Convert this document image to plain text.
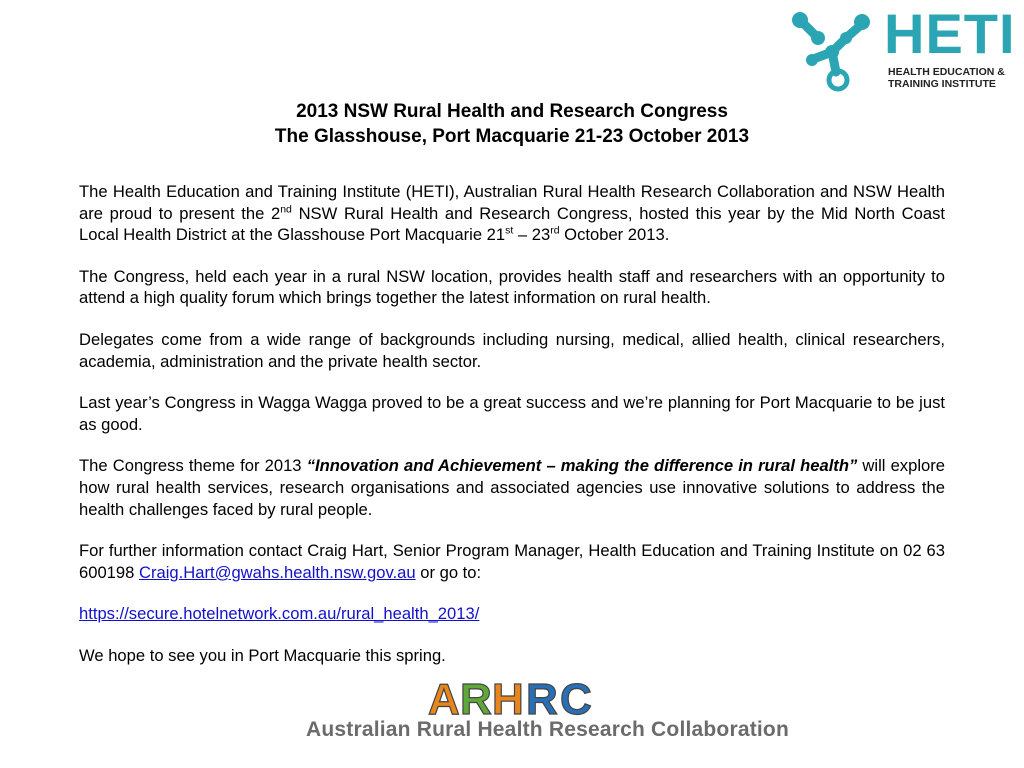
HETI
HEALTH EDUCATION &
TRAINING INSTITUTE
2013 NSW Rural Health and Research Congress
The Glasshouse, Port Macquarie 21-23 October 2013

The Health Education and Training Institute (HETI), Australian Rural Health Research Collaboration and NSW Health are proud to present the 2nd NSW Rural Health and Research Congress, hosted this year by the Mid North Coast Local Health District at the Glasshouse Port Macquarie 21st – 23rd October 2013.

The Congress, held each year in a rural NSW location, provides health staff and researchers with an opportunity to attend a high quality forum which brings together the latest information on rural health.

Delegates come from a wide range of backgrounds including nursing, medical, allied health, clinical researchers, academia, administration and the private health sector.

Last year’s Congress in Wagga Wagga proved to be a great success and we’re planning for Port Macquarie to be just as good.

The Congress theme for 2013 “Innovation and Achievement – making the difference in rural health” will explore how rural health services, research organisations and associated agencies use innovative solutions to address the health challenges faced by rural people.

For further information contact Craig Hart, Senior Program Manager, Health Education and Training Institute on 02 63 600198 Craig.Hart@gwahs.health.nsw.gov.au or go to:

https://secure.hotelnetwork.com.au/rural_health_2013/

We hope to see you in Port Macquarie this spring.

A R H R C
Australian Rural Health Research Collaboration
